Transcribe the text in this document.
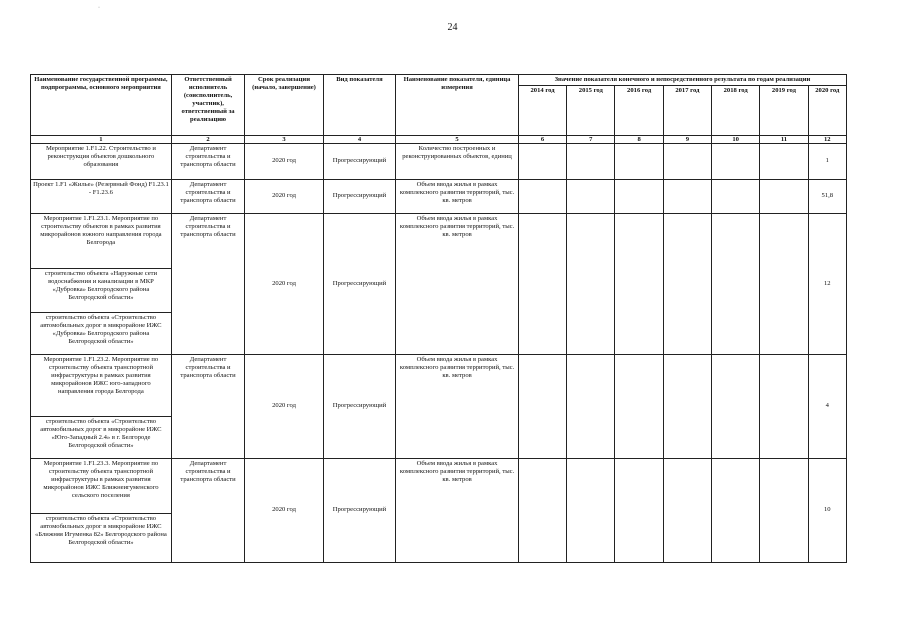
·
24
Наименование государственной программы, подпрограммы, основного мероприятия	Ответственный исполнитель (соисполнитель, участник), ответственный за реализацию	Срок реализации (начало, завершение)	Вид показателя	Наименование показателя, единица измерения	Значение показателя конечного и непосредственного результата по годам реализации						
					2014 год	2015 год	2016 год	2017 год	2018 год	2019 год	2020 год
1	2	3	4	5	6	7	8	9	10	11	12
Мероприятие 1.F1.22. Строительство и реконструкция объектов дошкольного образования	Департамент строительства и транспорта области	2020 год	Прогрессирующий	Количество построенных и реконструированных объектов, единиц							1
Проект 1.F1 «Жилье» (Резервный Фонд) F1.23.1 - F1.23.6	Департамент строительства и транспорта области	2020 год	Прогрессирующий	Объем ввода жилья в рамках комплексного развития территорий, тыс. кв. метров							51,8
Мероприятие 1.F1.23.1. Мероприятие по строительству объектов в рамках развития микрорайонов южного направления города Белгорода	Департамент строительства и транспорта области	2020 год	Прогрессирующий	Объем ввода жилья в рамках комплексного развития территорий, тыс. кв. метров							12
строительство объекта «Наружные сети водоснабжения и канализации в МКР «Дубровка» Белгородского района Белгородской области»											
строительство объекта «Строительство автомобильных дорог в микрорайоне ИЖС «Дубровка» Белгородского района Белгородской области»											
Мероприятие 1.F1.23.2. Мероприятие по строительству объекта транспортной инфраструктуры в рамках развития микрорайонов ИЖС юго-западного направления города Белгорода	Департамент строительства и транспорта области	2020 год	Прогрессирующий	Объем ввода жилья в рамках комплексного развития территорий, тыс. кв. метров							4
строительство объекта «Строительство автомобильных дорог в микрорайоне ИЖС «Юго-Западный 2.4» в г. Белгороде Белгородской области»											
Мероприятие 1.F1.23.3. Мероприятие по строительству объекта транспортной инфраструктуры в рамках развития микрорайонов ИЖС Ближнеигуменского сельского поселения	Департамент строительства и транспорта области	2020 год	Прогрессирующий	Объем ввода жилья в рамках комплексного развития территорий, тыс. кв. метров							10
строительство объекта «Строительство автомобильных дорог в микрорайоне ИЖС «Ближняя Игуменка 82» Белгородского района Белгородской области»											
